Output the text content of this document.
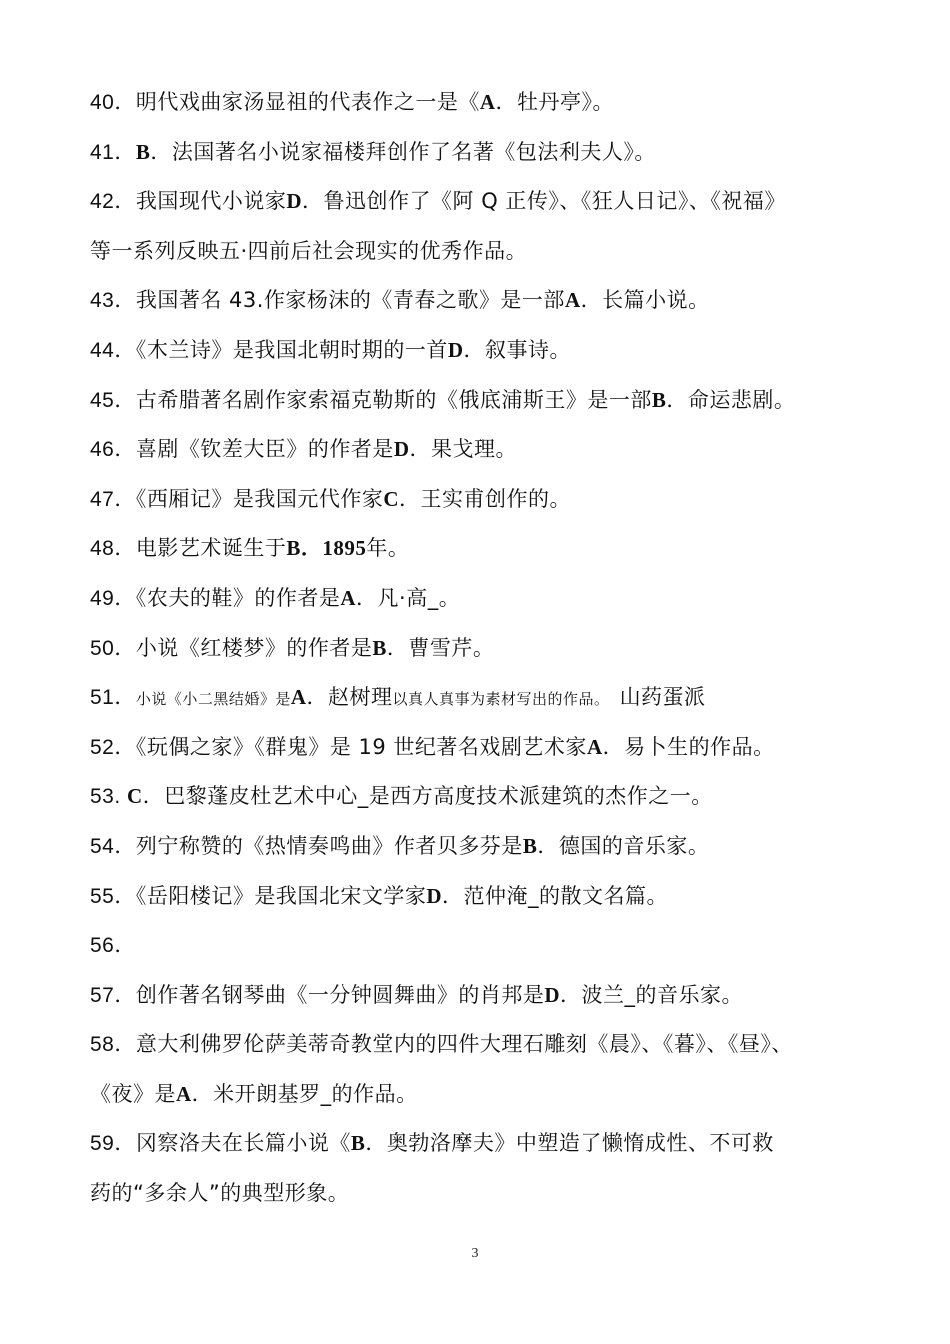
40．明代戏曲家汤显祖的代表作之一是《A．牡丹亭》。
41．B．法国著名小说家福楼拜创作了名著《包法利夫人》。
42．我国现代小说家D．鲁迅创作了《阿 Q 正传》、《狂人日记》、《祝福》
等一系列反映五·四前后社会现实的优秀作品。
43．我国著名 43.作家杨沫的《青春之歌》是一部A．长篇小说。
44．《木兰诗》是我国北朝时期的一首D．叙事诗。
45．古希腊著名剧作家索福克勒斯的《俄底浦斯王》是一部B．命运悲剧。
46．喜剧《钦差大臣》的作者是D．果戈理。
47．《西厢记》是我国元代作家C．王实甫创作的。
48．电影艺术诞生于B．1895年。
49．《农夫的鞋》的作者是A．凡·高_。
50．小说《红楼梦》的作者是B．曹雪芹。
51．小说《小二黑结婚》是A．赵树理以真人真事为素材写出的作品。 山药蛋派
52．《玩偶之家》《群鬼》是 19 世纪著名戏剧艺术家A．易卜生的作品。
53. C．巴黎蓬皮杜艺术中心_是西方高度技术派建筑的杰作之一。
54．列宁称赞的《热情奏鸣曲》作者贝多芬是B．德国的音乐家。
55．《岳阳楼记》是我国北宋文学家D．范仲淹_的散文名篇。
56．
57．创作著名钢琴曲《一分钟圆舞曲》的肖邦是D．波兰_的音乐家。
58．意大利佛罗伦萨美蒂奇教堂内的四件大理石雕刻《晨》、《暮》、《昼》、
《夜》是A．米开朗基罗_的作品。
59．冈察洛夫在长篇小说《B．奥勃洛摩夫》中塑造了懒惰成性、不可救
药的“多余人”的典型形象。
3
